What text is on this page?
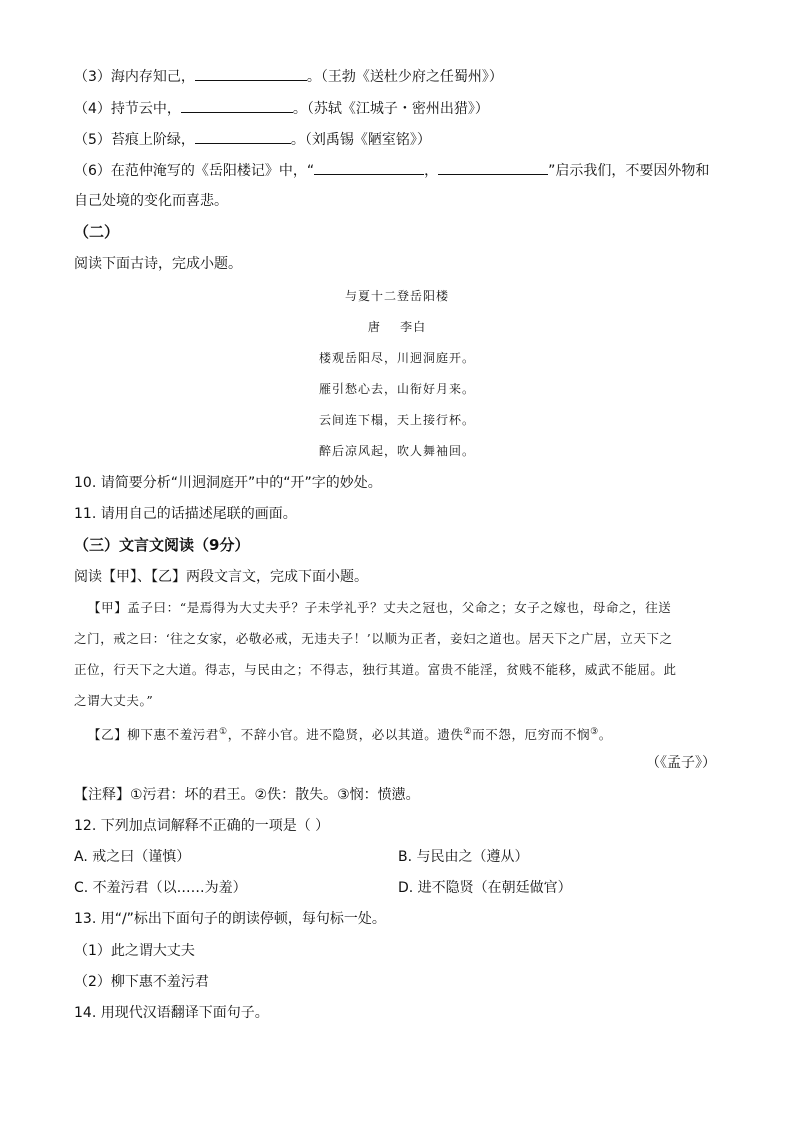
（3）海内存知己，	。（王勃《送杜少府之任蜀州》）
（4）持节云中，	。（苏轼《江城子・密州出猎》）
（5）苔痕上阶绿，	。（刘禹锡《陋室铭》）
（6）在范仲淹写的《岳阳楼记》中，“	，	”启示我们，不要因外物和
自己处境的变化而喜悲。
（二）
阅读下面古诗，完成小题。
与夏十二登岳阳楼
唐    李白
楼观岳阳尽，川迥洞庭开。
雁引愁心去，山衔好月来。
云间连下榻，天上接行杯。
醉后凉风起，吹人舞袖回。
10. 请简要分析“川迥洞庭开”中的“开”字的妙处。
11. 请用自己的话描述尾联的画面。
（三）文言文阅读（9分）
阅读【甲】、【乙】两段文言文，完成下面小题。
【甲】孟子曰：“是焉得为大丈夫乎？子未学礼乎？丈夫之冠也，父命之；女子之嫁也，母命之，往送
之门，戒之曰：‘往之女家，必敬必戒，无违夫子！’以顺为正者，妾妇之道也。居天下之广居，立天下之
正位，行天下之大道。得志，与民由之；不得志，独行其道。富贵不能淫，贫贱不能移，威武不能屈。此
之谓大丈夫。”
【乙】柳下惠不羞污君①，不辞小官。进不隐贤，必以其道。遗佚②而不怨，厄穷而不悯③。
（《孟子》）
【注释】①污君：坏的君王。②佚：散失。③悯：愤懑。
12. 下列加点词解释不正确的一项是（ ）
A. 戒之曰（谨慎）	B. 与民由之（遵从）
C. 不羞污君（以……为羞）	D. 进不隐贤（在朝廷做官）
13. 用“/”标出下面句子的朗读停顿，每句标一处。
（1）此之谓大丈夫
（2）柳下惠不羞污君
14. 用现代汉语翻译下面句子。
